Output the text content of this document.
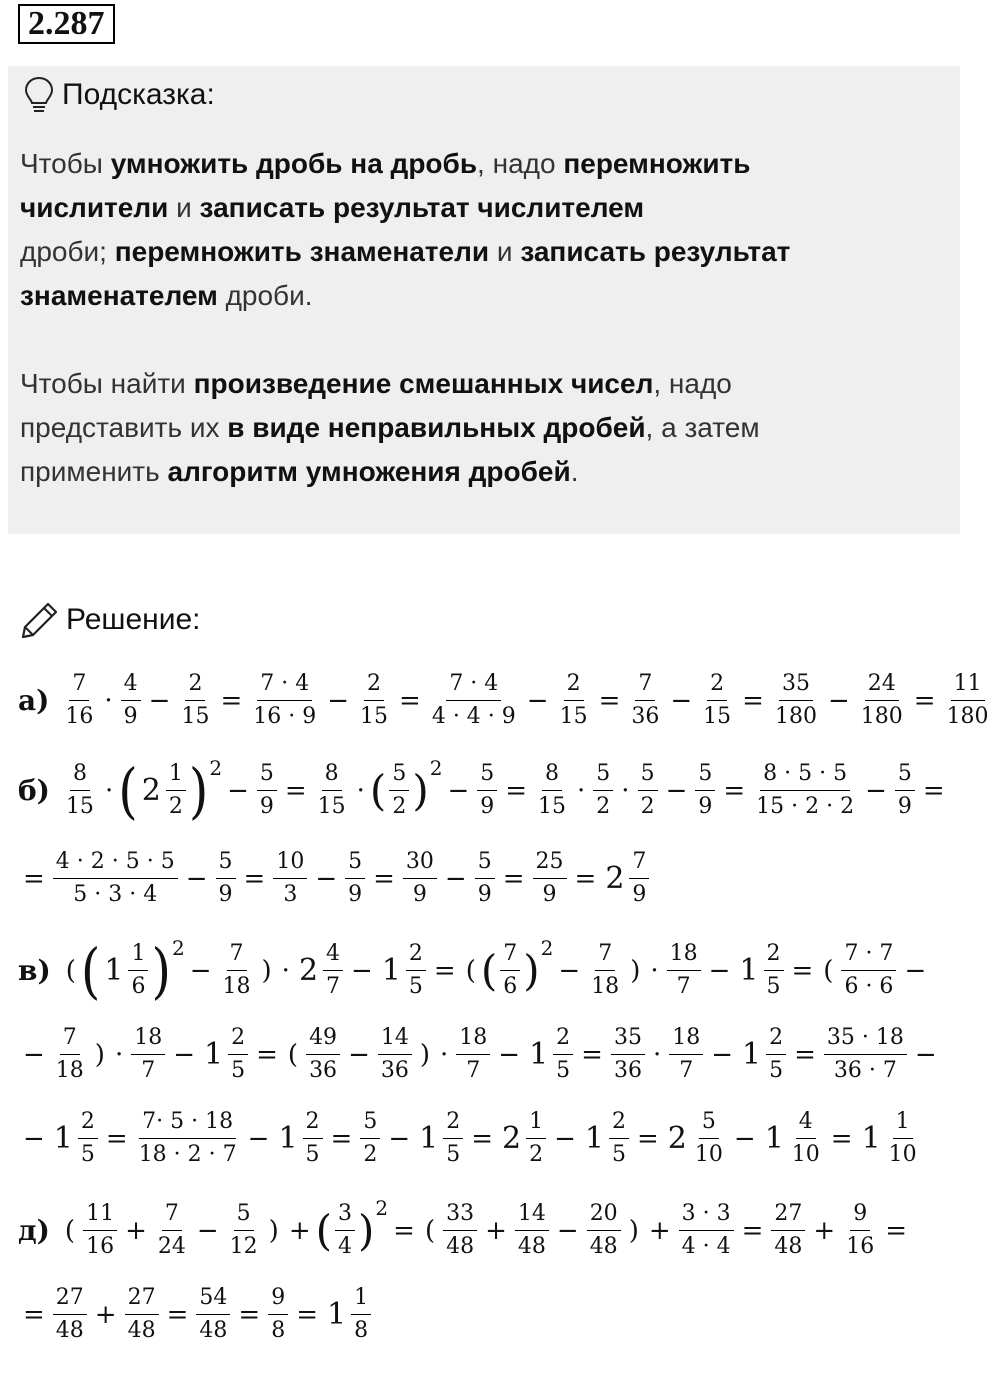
2.287
Подсказка:
Чтобы умножить дробь на дробь, надо перемножить
числители и записать результат числителем
дроби; перемножить знаменатели и записать результат
знаменателем дроби.
Чтобы найти произведение смешанных чисел, надо
представить их в виде неправильных дробей, а затем
применить алгоритм умножения дробей.
Решение:
$а) \frac{7}{16} \cdot \frac{4}{9} - \frac{2}{15} = \frac{7 \cdot 4}{16 \cdot 9} - \frac{2}{15} = \frac{7 \cdot 4}{4 \cdot 4 \cdot 9} - \frac{2}{15} = \frac{7}{36} - \frac{2}{15} = \frac{35}{180} - \frac{24}{180} = \frac{11}{180}$
$б) \frac{8}{15}$ · ( $2 \frac{1}{2}$ ) 2
− $\frac{5}{9} = \frac{8}{15}$ · ( $\frac{5}{2}$ ) 2
− $\frac{5}{9} = \frac{8}{15} \cdot \frac{5}{2} \cdot \frac{5}{2} - \frac{5}{9} = \frac{8 \cdot 5 \cdot 5}{15 \cdot 2 \cdot 2} - \frac{5}{9}$ =
= $\frac{4 \cdot 2 \cdot 5 \cdot 5}{5 \cdot 3 \cdot 4} - \frac{5}{9} = \frac{10}{3} - \frac{5}{9} = \frac{30}{9} - \frac{5}{9} = \frac{25}{9} = 2 \frac{7}{9}$
в) ( ( $1 \frac{1}{6}$ ) 2
− $\frac{7}{18}$ ) · $2 \frac{4}{7} - 1 \frac{2}{5}$ = ( ( $\frac{7}{6}$ ) 2
− $\frac{7}{18}$ ) · $\frac{18}{7} - 1 \frac{2}{5}$ = ( $\frac{7 \cdot 7}{6 \cdot 6}$ −
− $\frac{7}{18}$ ) · $\frac{18}{7} - 1 \frac{2}{5}$ = ( $\frac{49}{36} - \frac{14}{36}$ ) · $\frac{18}{7} - 1 \frac{2}{5} = \frac{35}{36} \cdot \frac{18}{7} - 1 \frac{2}{5} = \frac{35 \cdot 18}{36 \cdot 7}$ −
− $1 \frac{2}{5} = \frac{7\cdot 5 \cdot 18}{18 \cdot 2 \cdot 7} - 1 \frac{2}{5} = \frac{5}{2} - 1 \frac{2}{5} = 2 \frac{1}{2} - 1 \frac{2}{5} = 2 \frac{5}{10} - 1 \frac{4}{10} = 1 \frac{1}{10}$
д) ( $\frac{11}{16} + \frac{7}{24} - \frac{5}{12}$ ) + ( $\frac{3}{4}$ ) 2
= ( $\frac{33}{48} + \frac{14}{48} - \frac{20}{48}$ ) + $\frac{3 \cdot 3}{4 \cdot 4} = \frac{27}{48} + \frac{9}{16}$ =
= $\frac{27}{48} + \frac{27}{48} = \frac{54}{48} = \frac{9}{8} = 1 \frac{1}{8}$
